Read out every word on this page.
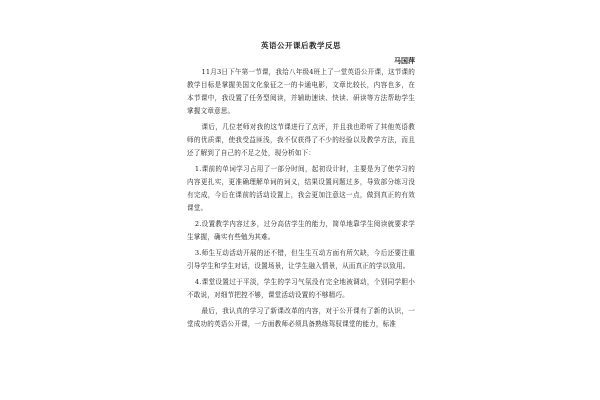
英语公开课后教学反思
马国萍

11月3日下午第一节课，我给八年级4班上了一堂英语公开课，这节课的教学目标是掌握美国文化象征之一的卡通电影，文章比较长，内容也多，在本节课中，我设置了任务型阅读，并辅助速读、快读、研读等方法帮助学生掌握文章意思。

课后，几位老师对我的这节课进行了点评，并且我也聆听了其他英语教师的优质课，使我受益匪浅，我不仅获得了不少的经验以及教学方法，而且还了解到了自己的不足之处，现分析如下：

1.课前的单词学习占用了一部分时间，起初设计时，主要是为了使学习的内容更扎实，更准确理解单词的词义，结果设置问题过多，导致部分练习没有完成，今后在课前的活动设置上，我会更加注意这一点，做到真正的有效课堂。

2.设置教学内容过多，过分高估学生的能力，简单地靠学生阅读就要求学生掌握，确实有些勉为其难。

3.师生互动活动开展的还不错，但生生互动方面有所欠缺，今后还要注重引导学生和学生对话，设置场景，让学生融入情景，从而真正的学以致用。

4.课堂设置过于平淡，学生的学习气氛没有完全地被调动，个别同学胆小不敢说，对细节把控不够，课堂活动设置的不够精巧。

最后，我认真的学习了新课改革的内容，对于公开课有了新的认识，一堂成功的英语公开课，一方面教师必须具备熟练驾驭课堂的能力，标准
